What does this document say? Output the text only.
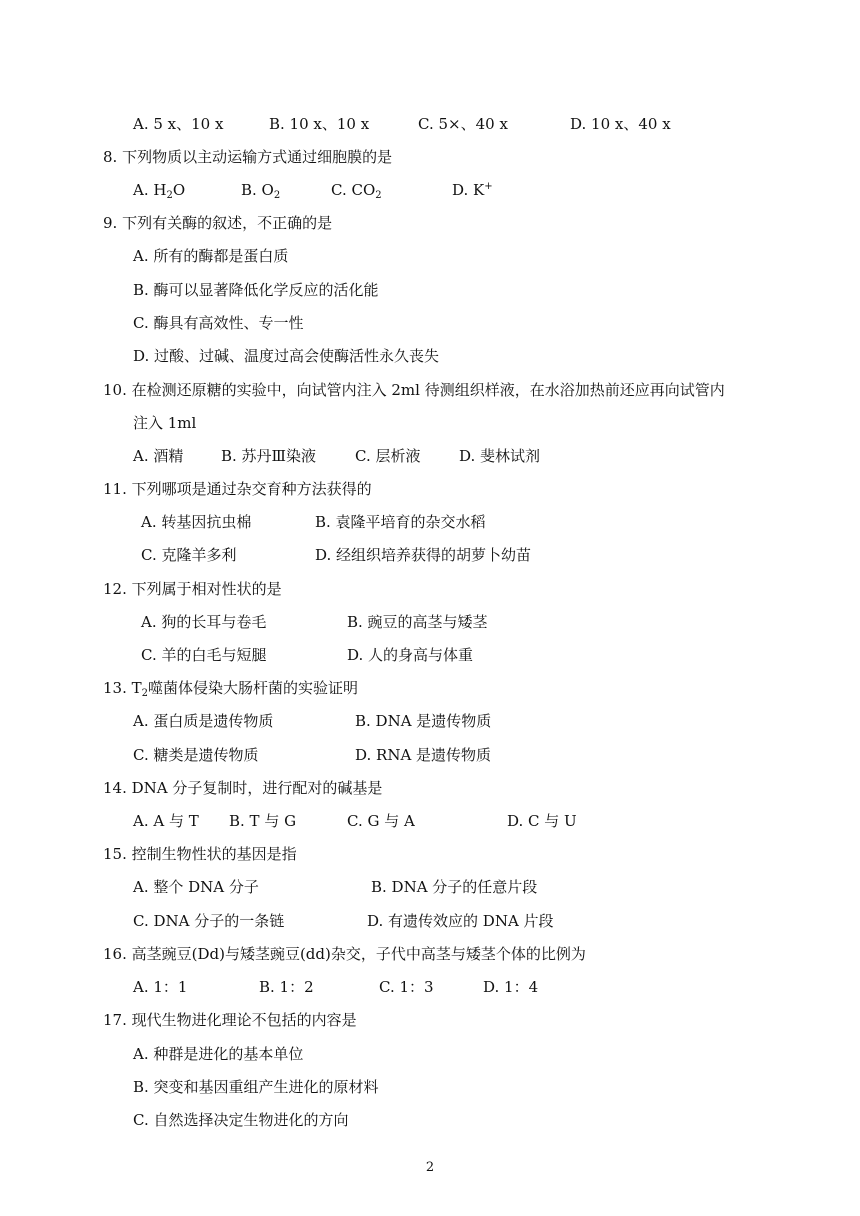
A. 5 x、10 x	B. 10 x、10 x	C. 5×、40 x	D. 10 x、40 x
8. 下列物质以主动运输方式通过细胞膜的是
A. $H_2O$	B. $O_2$	C. $CO_2$	D. K+
9. 下列有关酶的叙述，不正确的是
A. 所有的酶都是蛋白质
B. 酶可以显著降低化学反应的活化能
C. 酶具有高效性、专一性
D. 过酸、过碱、温度过高会使酶活性永久丧失
10. 在检测还原糖的实验中，向试管内注入 2ml 待测组织样液，在水浴加热前还应再向试管内
注入 1ml
A. 酒精	B. 苏丹Ⅲ染液	C. 层析液	D. 斐林试剂
11. 下列哪项是通过杂交育种方法获得的
A. 转基因抗虫棉	B. 袁隆平培育的杂交水稻
C. 克隆羊多利	D. 经组织培养获得的胡萝卜幼苗
12. 下列属于相对性状的是
A. 狗的长耳与卷毛	B. 豌豆的高茎与矮茎
C. 羊的白毛与短腿	D. 人的身高与体重
13. $T_2$噬菌体侵染大肠杆菌的实验证明
A. 蛋白质是遗传物质	B. DNA 是遗传物质
C. 糖类是遗传物质	D. RNA 是遗传物质
14. DNA 分子复制时，进行配对的碱基是
A. A 与 T B. T 与 G	C. G 与 A	D. C 与 U
15. 控制生物性状的基因是指
A. 整个 DNA 分子	B. DNA 分子的任意片段
C. DNA 分子的一条链	D. 有遗传效应的 DNA 片段
16. 高茎豌豆(Dd)与矮茎豌豆(dd)杂交，子代中高茎与矮茎个体的比例为
A. 1：1	B. 1：2	C. 1：3	D. 1：4
17. 现代生物进化理论不包括的内容是
A. 种群是进化的基本单位
B. 突变和基因重组产生进化的原材料
C. 自然选择决定生物进化的方向
2
